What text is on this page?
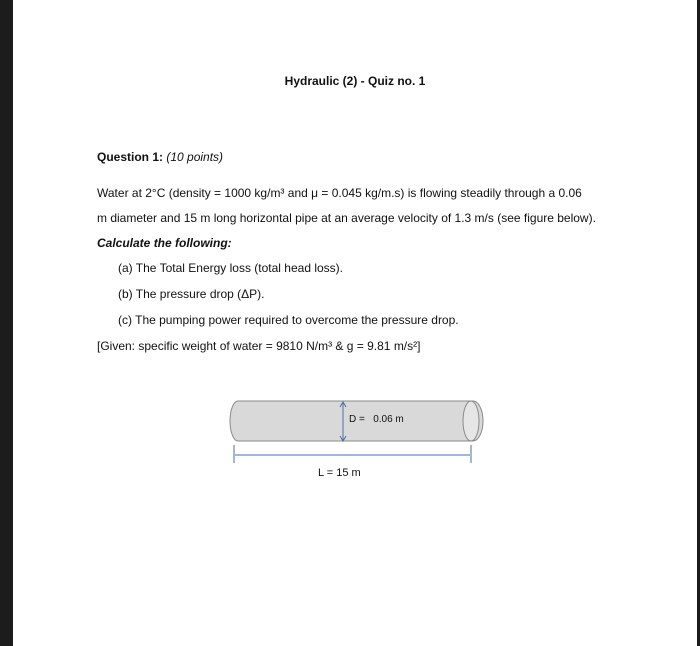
Hydraulic (2) - Quiz no. 1
Question 1: (10 points)
Water at 2°C (density = 1000 kg/m³ and μ = 0.045 kg/m.s) is flowing steadily through a 0.06
m diameter and 15 m long horizontal pipe at an average velocity of 1.3 m/s (see figure below).
Calculate the following:
(a) The Total Energy loss (total head loss).
(b) The pressure drop (ΔP).
(c) The pumping power required to overcome the pressure drop.
[Given: specific weight of water = 9810 N/m³ & g = 9.81 m/s²]
D = 0.06 m
L = 15 m
